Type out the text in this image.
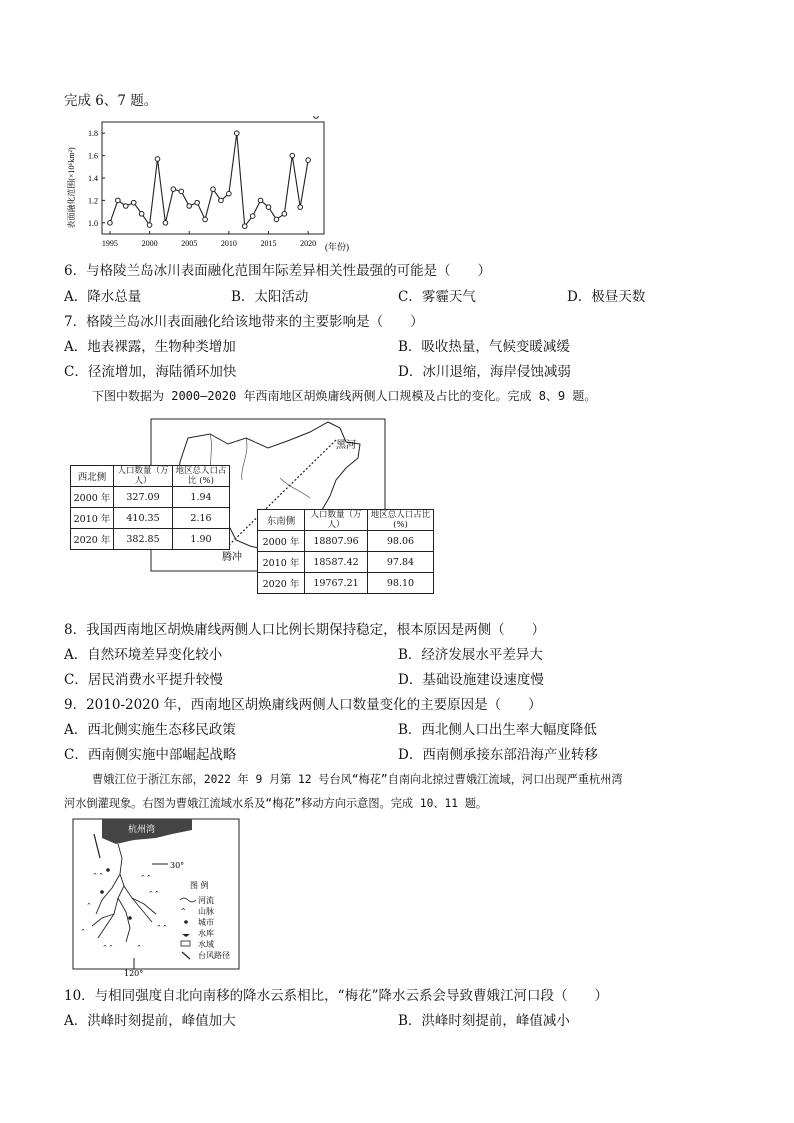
完成 6、7 题。
1.0
1.2
1.4
1.6
1.8
1995	2000	2005	2010	2015	2020
表面融化范围(×10⁶km²)
(年份)
6．与格陵兰岛冰川表面融化范围年际差异相关性最强的可能是（　　）
A．降水总量	B．太阳活动	C．雾霾天气	D．极昼天数
7．格陵兰岛冰川表面融化给该地带来的主要影响是（　　）
A．地表裸露，生物种类增加	B．吸收热量，气候变暖减缓
C．径流增加，海陆循环加快	D．冰川退缩，海岸侵蚀减弱
下图中数据为 2000—2020 年西南地区胡焕庸线两侧人口规模及占比的变化。完成 8、9 题。
黑河
腾冲
西北侧	人口数量（万人）	地区总人口占比 (%)
2000 年	327.09	1.94
2010 年	410.35	2.16
2020 年	382.85	1.90
东南侧	人口数量（万人）	地区总人口占比 (%)
2000 年	18807.96	98.06
2010 年	18587.42	97.84
2020 年	19767.21	98.10
8．我国西南地区胡焕庸线两侧人口比例长期保持稳定，根本原因是两侧（　　）
A．自然环境差异变化较小	B．经济发展水平差异大
C．居民消费水平提升较慢	D．基础设施建设速度慢
9．2010-2020 年，西南地区胡焕庸线两侧人口数量变化的主要原因是（　　）
A．西北侧实施生态移民政策	B．西北侧人口出生率大幅度降低
C．西南侧实施中部崛起战略	D．西南侧承接东部沿海产业转移
曹娥江位于浙江东部，2022 年 9 月第 12 号台风“梅花”自南向北掠过曹娥江流域，河口出现严重杭州湾
河水倒灌现象。右图为曹娥江流域水系及“梅花”移动方向示意图。完成 10、11 题。
杭州湾
30°
120°
⌃⌃	⌃⌃
⌃
⌃⌃
⌃⌃
⌃⌃	⌃
⌃
图 例
河流
⌃ 山脉
城市
水库
水域
台风路径
10．与相同强度自北向南移的降水云系相比，“梅花”降水云系会导致曹娥江河口段（　　）
A．洪峰时刻提前，峰值加大	B．洪峰时刻提前，峰值减小
